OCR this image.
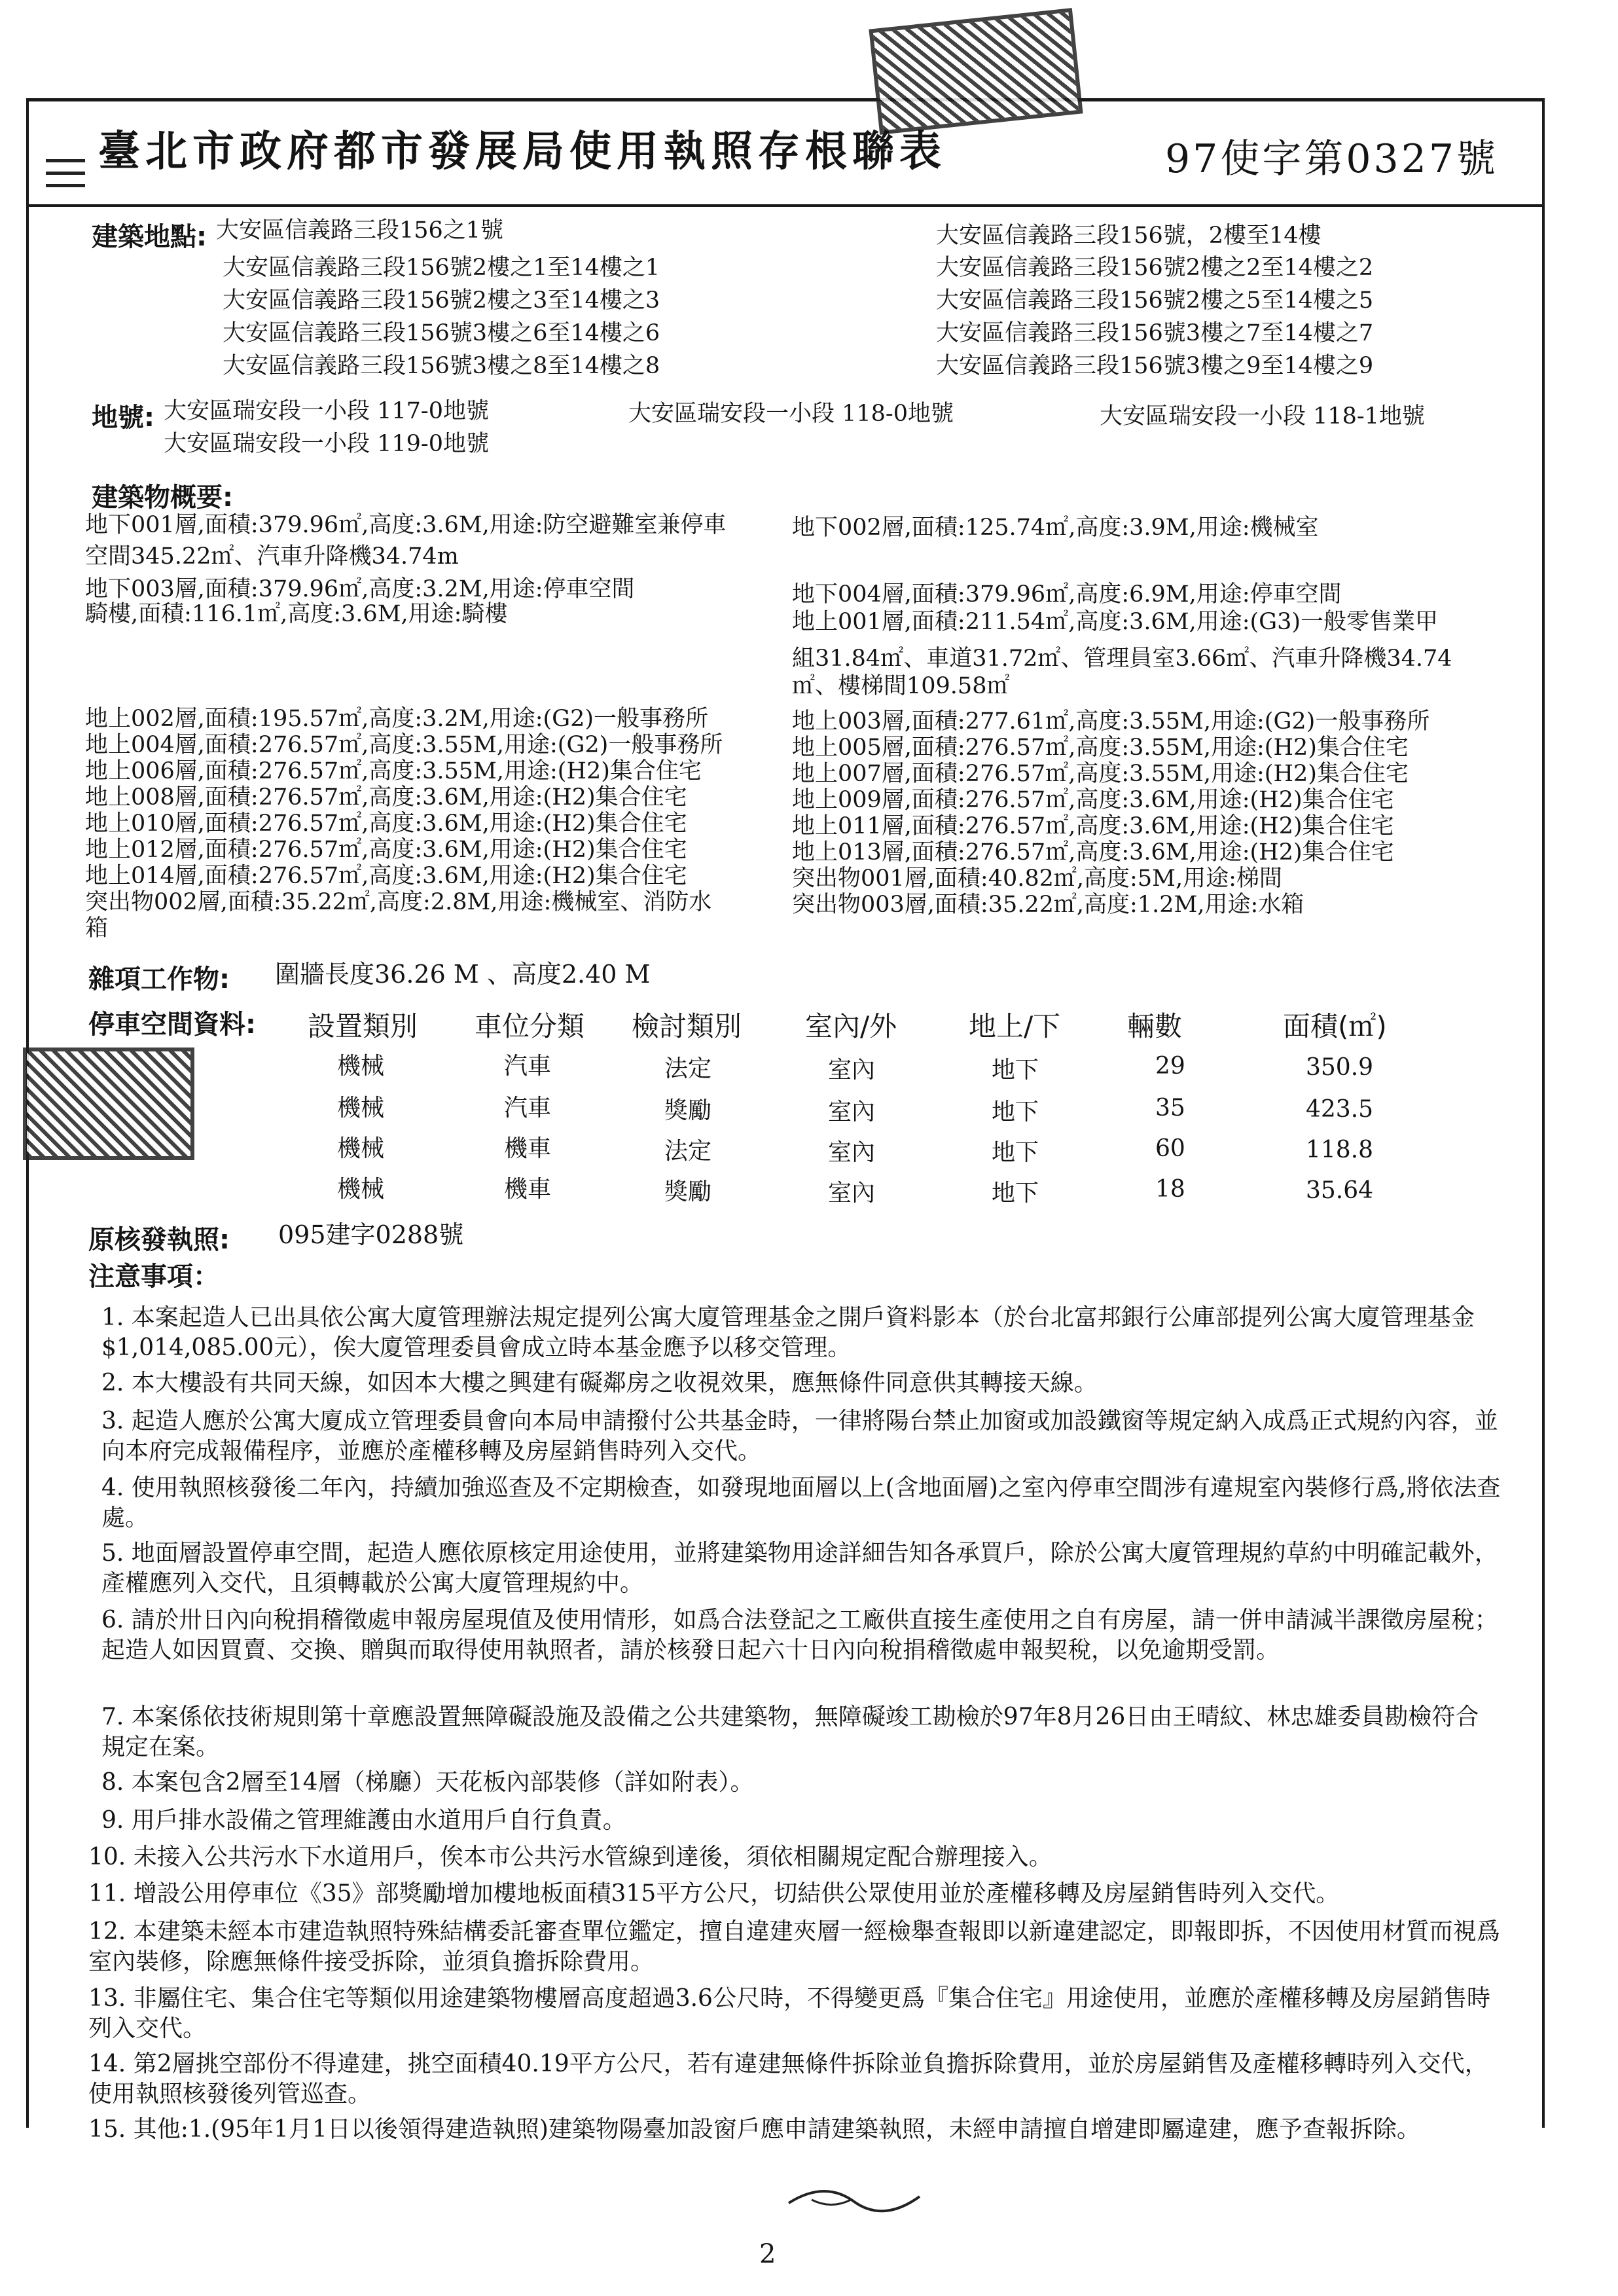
臺北市政府都市發展局使用執照存根聯表	97使字第0327號
建築地點: 大安區信義路三段156之1號
大安區信義路三段156號2樓之1至14樓之1
大安區信義路三段156號2樓之3至14樓之3
大安區信義路三段156號3樓之6至14樓之6
大安區信義路三段156號3樓之8至14樓之8
大安區信義路三段156號，2樓至14樓
大安區信義路三段156號2樓之2至14樓之2
大安區信義路三段156號2樓之5至14樓之5
大安區信義路三段156號3樓之7至14樓之7
大安區信義路三段156號3樓之9至14樓之9
地號: 大安區瑞安段一小段 117-0地號	大安區瑞安段一小段 118-0地號	大安區瑞安段一小段 118-1地號
大安區瑞安段一小段 119-0地號
建築物概要:
地下001層,面積:379.96㎡,高度:3.6M,用途:防空避難室兼停車
空間345.22㎡、汽車升降機34.74m
地下003層,面積:379.96㎡,高度:3.2M,用途:停車空間
騎樓,面積:116.1㎡,高度:3.6M,用途:騎樓
地下002層,面積:125.74㎡,高度:3.9M,用途:機械室
地下004層,面積:379.96㎡,高度:6.9M,用途:停車空間
地上001層,面積:211.54㎡,高度:3.6M,用途:(G3)一般零售業甲
組31.84㎡、車道31.72㎡、管理員室3.66㎡、汽車升降機34.74
㎡、樓梯間109.58㎡
地上002層,面積:195.57㎡,高度:3.2M,用途:(G2)一般事務所
地上004層,面積:276.57㎡,高度:3.55M,用途:(G2)一般事務所
地上006層,面積:276.57㎡,高度:3.55M,用途:(H2)集合住宅
地上008層,面積:276.57㎡,高度:3.6M,用途:(H2)集合住宅
地上010層,面積:276.57㎡,高度:3.6M,用途:(H2)集合住宅
地上012層,面積:276.57㎡,高度:3.6M,用途:(H2)集合住宅
地上014層,面積:276.57㎡,高度:3.6M,用途:(H2)集合住宅
突出物002層,面積:35.22㎡,高度:2.8M,用途:機械室、消防水
箱
地上003層,面積:277.61㎡,高度:3.55M,用途:(G2)一般事務所
地上005層,面積:276.57㎡,高度:3.55M,用途:(H2)集合住宅
地上007層,面積:276.57㎡,高度:3.55M,用途:(H2)集合住宅
地上009層,面積:276.57㎡,高度:3.6M,用途:(H2)集合住宅
地上011層,面積:276.57㎡,高度:3.6M,用途:(H2)集合住宅
地上013層,面積:276.57㎡,高度:3.6M,用途:(H2)集合住宅
突出物001層,面積:40.82㎡,高度:5M,用途:梯間
突出物003層,面積:35.22㎡,高度:1.2M,用途:水箱
雜項工作物: 圍牆長度36.26 M 、高度2.40 M
停車空間資料: 設置類別 車位分類 檢討類別 室內/外	地上/下 輛數	面積(㎡)
機械	汽車	法定	室內	地下	29	350.9
機械	汽車	獎勵	室內	地下	35	423.5
機械	機車	法定	室內	地下	60	118.8
機械	機車	獎勵	室內	地下	18	35.64
原核發執照: 095建字0288號
注意事項：
1. 本案起造人已出具依公寓大廈管理辦法規定提列公寓大廈管理基金之開戶資料影本（於台北富邦銀行公庫部提列公寓大廈管理基金$1,014,085.00元），俟大廈管理委員會成立時本基金應予以移交管理。
2. 本大樓設有共同天線，如因本大樓之興建有礙鄰房之收視效果，應無條件同意供其轉接天線。
3. 起造人應於公寓大廈成立管理委員會向本局申請撥付公共基金時，一律將陽台禁止加窗或加設鐵窗等規定納入成爲正式規約內容，並向本府完成報備程序，並應於產權移轉及房屋銷售時列入交代。
4. 使用執照核發後二年內，持續加強巡查及不定期檢查，如發現地面層以上(含地面層)之室內停車空間涉有違規室內裝修行爲,將依法查處。
5. 地面層設置停車空間，起造人應依原核定用途使用，並將建築物用途詳細告知各承買戶，除於公寓大廈管理規約草約中明確記載外，產權應列入交代，且須轉載於公寓大廈管理規約中。
6. 請於卅日內向稅捐稽徵處申報房屋現值及使用情形，如爲合法登記之工廠供直接生產使用之自有房屋，請一併申請減半課徵房屋稅；起造人如因買賣、交換、贈與而取得使用執照者，請於核發日起六十日內向稅捐稽徵處申報契稅，以免逾期受罰。
7. 本案係依技術規則第十章應設置無障礙設施及設備之公共建築物，無障礙竣工勘檢於97年8月26日由王晴紋、林忠雄委員勘檢符合規定在案。
8. 本案包含2層至14層（梯廳）天花板內部裝修（詳如附表）。
9. 用戶排水設備之管理維護由水道用戶自行負責。
10. 未接入公共污水下水道用戶，俟本市公共污水管線到達後，須依相關規定配合辦理接入。
11. 增設公用停車位《35》部獎勵增加樓地板面積315平方公尺，切結供公眾使用並於產權移轉及房屋銷售時列入交代。
12. 本建築未經本市建造執照特殊結構委託審查單位鑑定，擅自違建夾層一經檢舉查報即以新違建認定，即報即拆，不因使用材質而視爲室內裝修，除應無條件接受拆除，並須負擔拆除費用。
13. 非屬住宅、集合住宅等類似用途建築物樓層高度超過3.6公尺時，不得變更爲『集合住宅』用途使用，並應於產權移轉及房屋銷售時列入交代。
14. 第2層挑空部份不得違建，挑空面積40.19平方公尺，若有違建無條件拆除並負擔拆除費用，並於房屋銷售及產權移轉時列入交代，使用執照核發後列管巡查。
15. 其他:1.(95年1月1日以後領得建造執照)建築物陽臺加設窗戶應申請建築執照，未經申請擅自增建即屬違建，應予查報拆除。
2
